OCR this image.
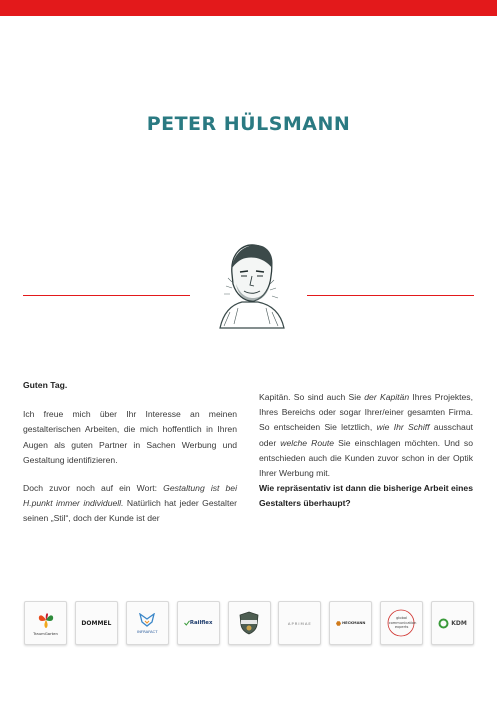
PETER HÜLSMANN

Guten Tag.

Ich freue mich über Ihr Interesse an meinen gestalterischen Arbeiten, die mich hoffentlich in Ihren Augen als guten Partner in Sachen Werbung und Gestaltung identifizieren.

Doch zuvor noch auf ein Wort: Gestaltung ist bei H.punkt immer individuell. Natürlich hat jeder Gestalter seinen „Stil“, doch der Kunde ist der

Kapitän. So sind auch Sie der Kapitän Ihres Projektes, Ihres Bereichs oder sogar Ihrer/einer gesamten Firma. So entscheiden Sie letztlich, wie Ihr Schiff ausschaut oder welche Route Sie einschlagen möchten. Und so entschieden auch die Kunden zuvor schon in der Optik Ihrer Werbung mit.

Wie repräsentativ ist dann die bisherige Arbeit eines Gestalters überhaupt?

TraumGarten
DOMMEL
INFRAFACT
Railflex	APRIMAE	HECKMANN
global communication experts
KDM
